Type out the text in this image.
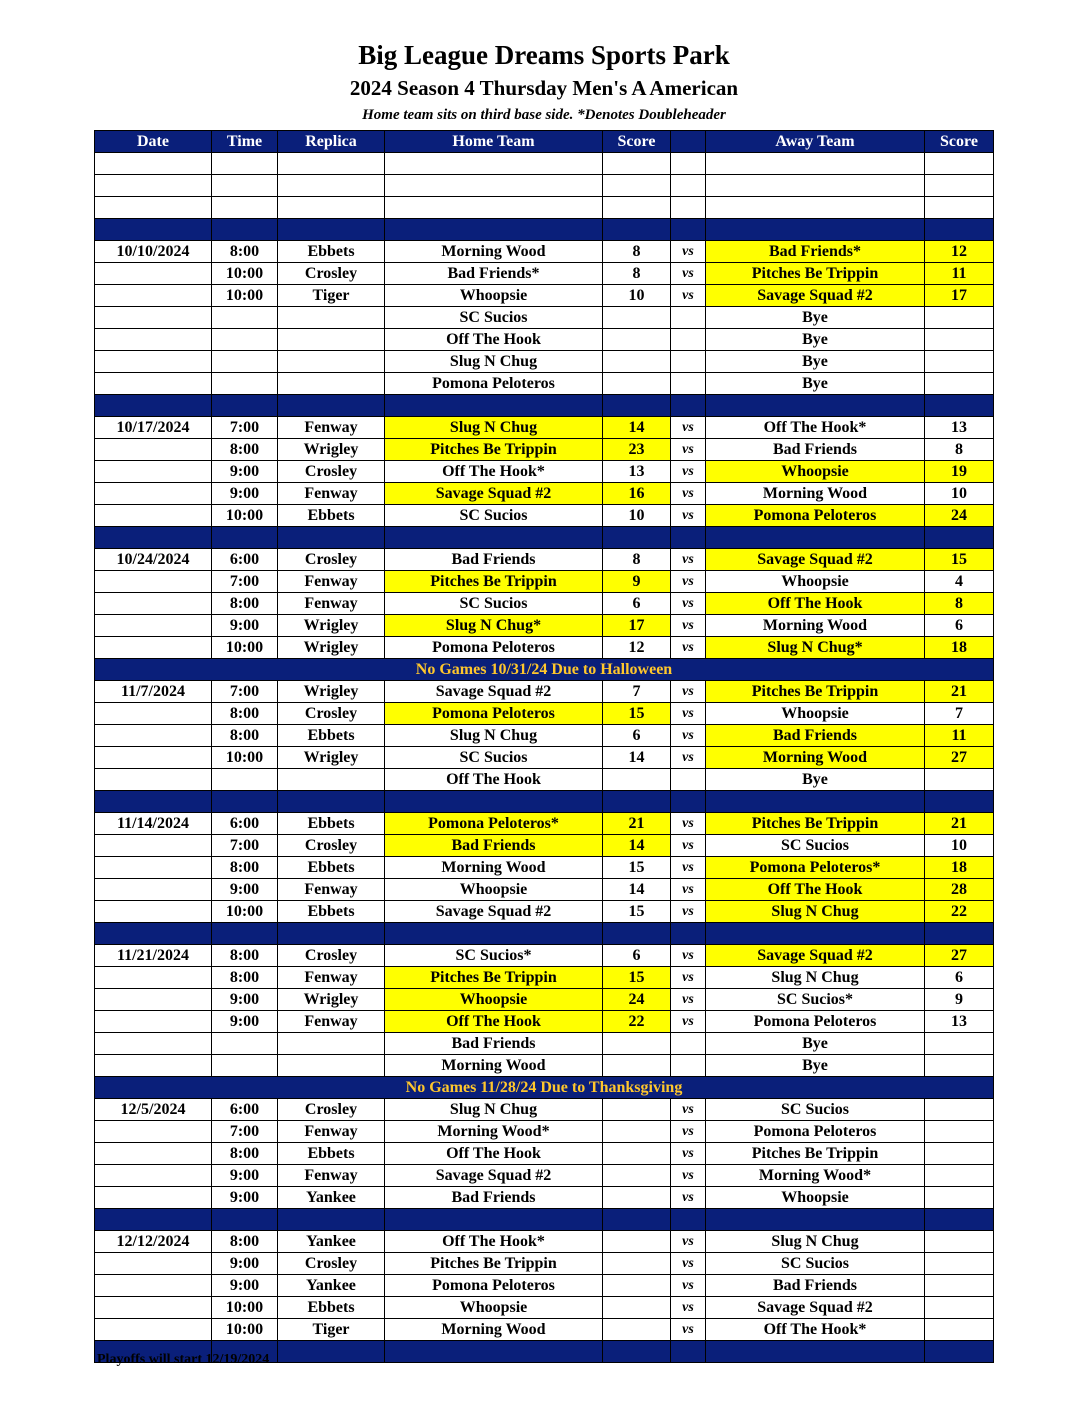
Big League Dreams Sports Park
2024 Season 4 Thursday Men's A American
Home team sits on third base side. *Denotes Doubleheader
Date	Time	Replica	Home Team	Score		Away Team	Score

10/10/2024	8:00	Ebbets	Morning Wood	8	vs	Bad Friends*	12
	10:00	Crosley	Bad Friends*	8	vs	Pitches Be Trippin	11
	10:00	Tiger	Whoopsie	10	vs	Savage Squad #2	17
			SC Sucios			Bye	
			Off The Hook			Bye	
			Slug N Chug			Bye	
			Pomona Peloteros			Bye	

10/17/2024	7:00	Fenway	Slug N Chug	14	vs	Off The Hook*	13
	8:00	Wrigley	Pitches Be Trippin	23	vs	Bad Friends	8
	9:00	Crosley	Off The Hook*	13	vs	Whoopsie	19
	9:00	Fenway	Savage Squad #2	16	vs	Morning Wood	10
	10:00	Ebbets	SC Sucios	10	vs	Pomona Peloteros	24

10/24/2024	6:00	Crosley	Bad Friends	8	vs	Savage Squad #2	15
	7:00	Fenway	Pitches Be Trippin	9	vs	Whoopsie	4
	8:00	Fenway	SC Sucios	6	vs	Off The Hook	8
	9:00	Wrigley	Slug N Chug*	17	vs	Morning Wood	6
	10:00	Wrigley	Pomona Peloteros	12	vs	Slug N Chug*	18
No Games 10/31/24 Due to Halloween							
11/7/2024	7:00	Wrigley	Savage Squad #2	7	vs	Pitches Be Trippin	21
	8:00	Crosley	Pomona Peloteros	15	vs	Whoopsie	7
	8:00	Ebbets	Slug N Chug	6	vs	Bad Friends	11
	10:00	Wrigley	SC Sucios	14	vs	Morning Wood	27
			Off The Hook			Bye	

11/14/2024	6:00	Ebbets	Pomona Peloteros*	21	vs	Pitches Be Trippin	21
	7:00	Crosley	Bad Friends	14	vs	SC Sucios	10
	8:00	Ebbets	Morning Wood	15	vs	Pomona Peloteros*	18
	9:00	Fenway	Whoopsie	14	vs	Off The Hook	28
	10:00	Ebbets	Savage Squad #2	15	vs	Slug N Chug	22

11/21/2024	8:00	Crosley	SC Sucios*	6	vs	Savage Squad #2	27
	8:00	Fenway	Pitches Be Trippin	15	vs	Slug N Chug	6
	9:00	Wrigley	Whoopsie	24	vs	SC Sucios*	9
	9:00	Fenway	Off The Hook	22	vs	Pomona Peloteros	13
			Bad Friends			Bye	
			Morning Wood			Bye	
No Games 11/28/24 Due to Thanksgiving							
12/5/2024	6:00	Crosley	Slug N Chug		vs	SC Sucios	
	7:00	Fenway	Morning Wood*		vs	Pomona Peloteros	
	8:00	Ebbets	Off The Hook		vs	Pitches Be Trippin	
	9:00	Fenway	Savage Squad #2		vs	Morning Wood*	
	9:00	Yankee	Bad Friends		vs	Whoopsie	

12/12/2024	8:00	Yankee	Off The Hook*		vs	Slug N Chug	
	9:00	Crosley	Pitches Be Trippin		vs	SC Sucios	
	9:00	Yankee	Pomona Peloteros		vs	Bad Friends	
	10:00	Ebbets	Whoopsie		vs	Savage Squad #2	
	10:00	Tiger	Morning Wood		vs	Off The Hook*	

Playoffs will start 12/19/2024
